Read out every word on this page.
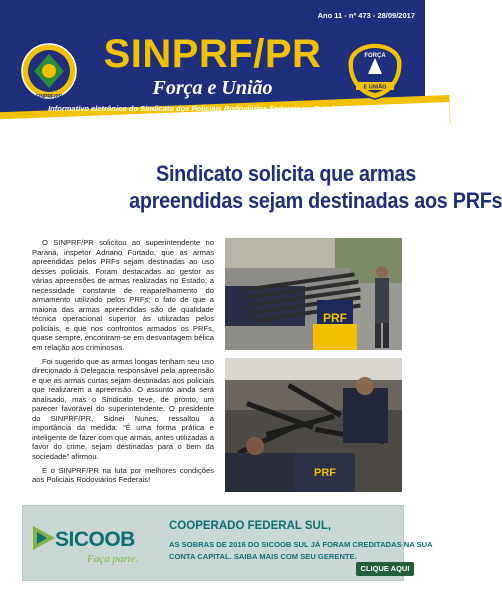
Ano 11 - nº 473 - 28/09/2017
SINPRF/PR
SINPRF/PR
Força e União
FORÇA
E UNIÃO
Informativo eletrônico do Sindicato dos Policiais Rodoviários Federais no Estado do Paraná
Sindicato solicita que armas
apreendidas sejam destinadas aos PRFs

O SINPRF/PR solicitou ao superintendente no Paraná, inspetor Adriano Furtado, que as armas apreendidas pelos PRFs sejam destinadas ao uso desses policiais. Foram destacadas ao gestor as várias apreensões de armas realizadas no Estado; a necessidade constante de reaparelhamento do armamento utilizado pelos PRFs; o fato de que a maioria das armas apreendidas são de qualidade técnica operacional superior às utilizadas pelos policiais, e que nos confrontos armados os PRFs, quase sempre, encontram-se em desvantagem bélica em relação aos criminosos.

Foi sugerido que as armas longas tenham seu uso direcionado à Delegacia responsável pela apreensão e que as armas curtas sejam destinadas aos policiais que realizarem a apreensão. O assunto ainda será analisado, mas o Sindicato teve, de pronto, um parecer favorável do superintendente. O presidente do SINPRF/PR, Sidnei Nunes, ressaltou a importância da medida: “É uma forma prática e inteligente de fazer com que armas, antes utilizadas a favor do crime, sejam destinadas para o bem da sociedade” afirmou.

É o SINPRF/PR na luta por melhores condições aos Policiais Rodoviários Federais!

PRF
PRF
SICOOB
Faça parte.
COOPERADO FEDERAL SUL,
AS SOBRAS DE 2016 DO SICOOB SUL JÁ FORAM CREDITADAS NA SUA
CONTA CAPITAL. SAIBA MAIS COM SEU GERENTE.
CLIQUE AQUI
